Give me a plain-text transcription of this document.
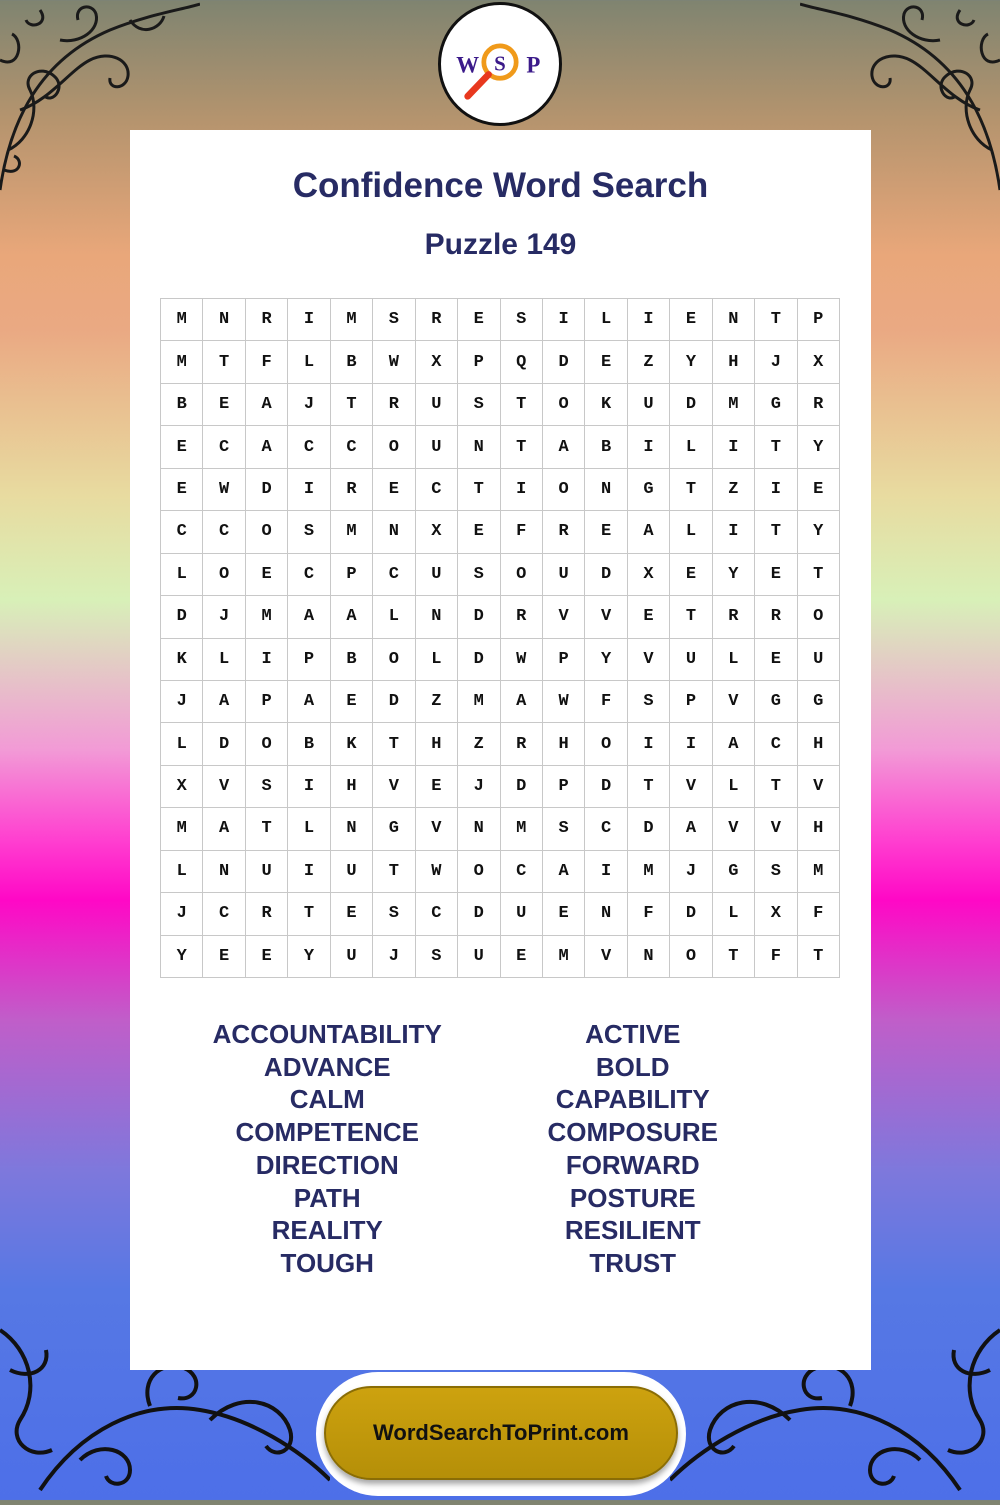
W S P
Confidence Word Search
Puzzle 149
M	N	R	I	M	S	R	E	S	I	L	I	E	N	T	P
M	T	F	L	B	W	X	P	Q	D	E	Z	Y	H	J	X
B	E	A	J	T	R	U	S	T	O	K	U	D	M	G	R
E	C	A	C	C	O	U	N	T	A	B	I	L	I	T	Y
E	W	D	I	R	E	C	T	I	O	N	G	T	Z	I	E
C	C	O	S	M	N	X	E	F	R	E	A	L	I	T	Y
L	O	E	C	P	C	U	S	O	U	D	X	E	Y	E	T
D	J	M	A	A	L	N	D	R	V	V	E	T	R	R	O
K	L	I	P	B	O	L	D	W	P	Y	V	U	L	E	U
J	A	P	A	E	D	Z	M	A	W	F	S	P	V	G	G
L	D	O	B	K	T	H	Z	R	H	O	I	I	A	C	H
X	V	S	I	H	V	E	J	D	P	D	T	V	L	T	V
M	A	T	L	N	G	V	N	M	S	C	D	A	V	V	H
L	N	U	I	U	T	W	O	C	A	I	M	J	G	S	M
J	C	R	T	E	S	C	D	U	E	N	F	D	L	X	F
Y	E	E	Y	U	J	S	U	E	M	V	N	O	T	F	T
ACCOUNTABILITY
ADVANCE
CALM
COMPETENCE
DIRECTION
PATH
REALITY
TOUGH
ACTIVE
BOLD
CAPABILITY
COMPOSURE
FORWARD
POSTURE
RESILIENT
TRUST
WordSearchToPrint.com
